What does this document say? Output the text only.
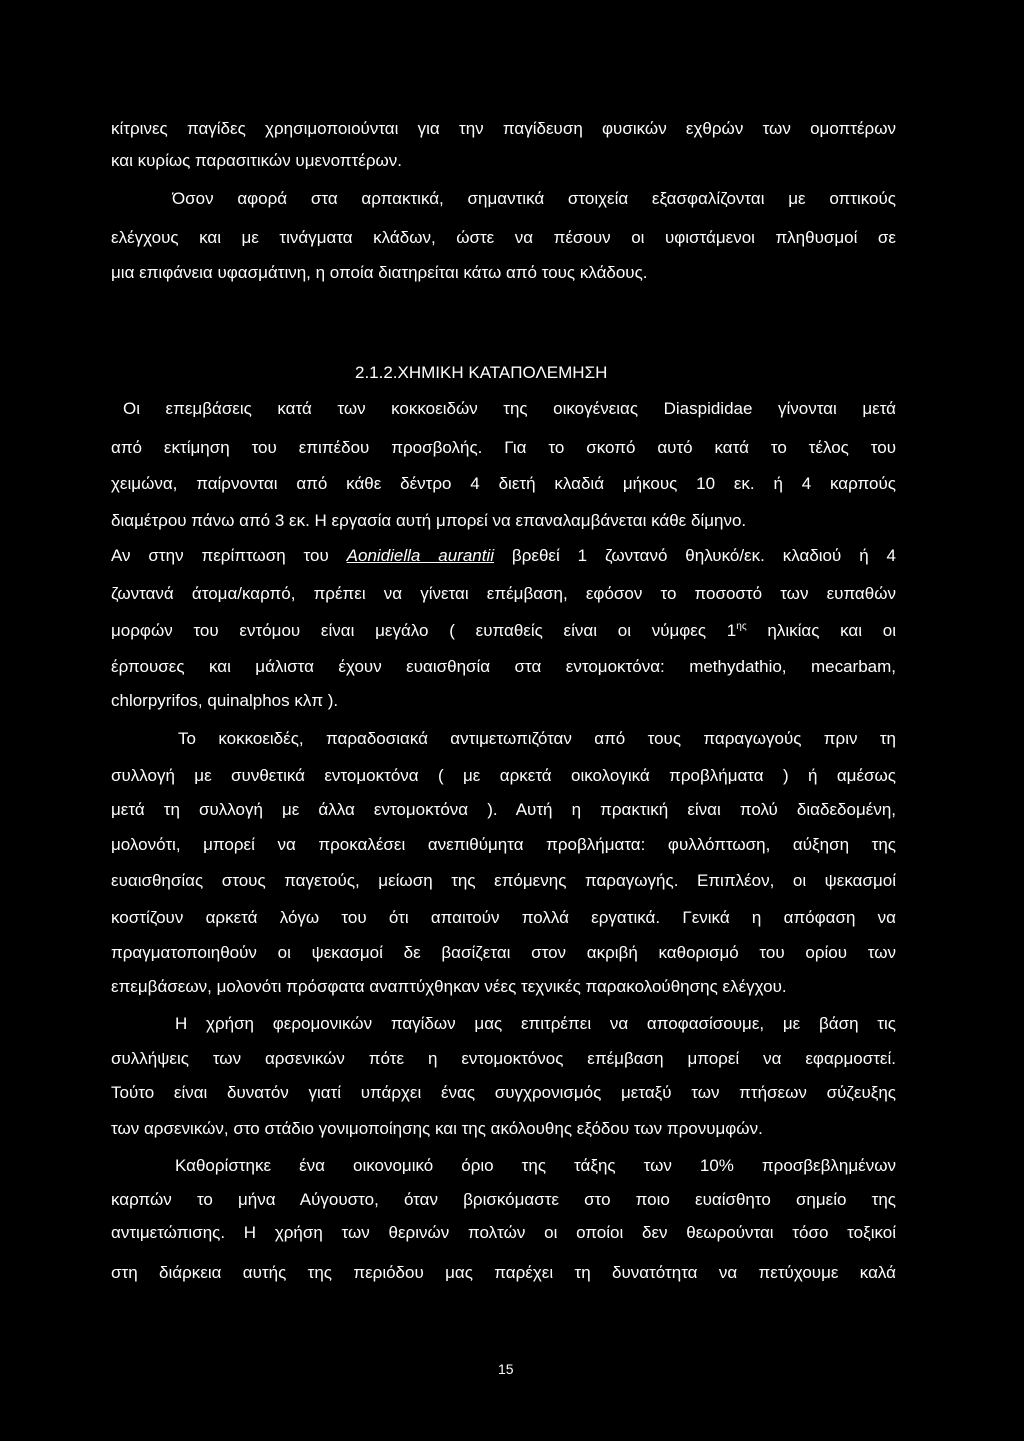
κίτρινες παγίδες χρησιμοποιούνται για την παγίδευση φυσικών εχθρών των ομοπτέρων
και κυρίως παρασιτικών υμενοπτέρων.
Όσον αφορά στα αρπακτικά, σημαντικά στοιχεία εξασφαλίζονται με οπτικούς
ελέγχους και με τινάγματα κλάδων, ώστε να πέσουν οι υφιστάμενοι πληθυσμοί σε
μια επιφάνεια υφασμάτινη, η οποία διατηρείται κάτω από τους κλάδους.
2.1.2.ΧΗΜΙΚΗ ΚΑΤΑΠΟΛΕΜΗΣΗ
Οι επεμβάσεις κατά των κοκκοειδών της οικογένειας Diaspididae γίνονται μετά
από εκτίμηση του επιπέδου προσβολής. Για το σκοπό αυτό κατά το τέλος του
χειμώνα, παίρνονται από κάθε δέντρο 4 διετή κλαδιά μήκους 10 εκ. ή 4 καρπούς
διαμέτρου πάνω από 3 εκ. Η εργασία αυτή μπορεί να επαναλαμβάνεται κάθε δίμηνο.
Αν στην περίπτωση του Aonidiella aurantii βρεθεί 1 ζωντανό θηλυκό/εκ. κλαδιού ή 4
ζωντανά άτομα/καρπό, πρέπει να γίνεται επέμβαση, εφόσον το ποσοστό των ευπαθών
μορφών του εντόμου είναι μεγάλο ( ευπαθείς είναι οι νύμφες $1^{\eta\varsigma}$ ηλικίας και οι
έρπουσες και μάλιστα έχουν ευαισθησία στα εντομοκτόνα: methydathio, mecarbam,
chlorpyrifos, quinalphos κλπ ).
Το κοκκοειδές, παραδοσιακά αντιμετωπιζόταν από τους παραγωγούς πριν τη
συλλογή με συνθετικά εντομοκτόνα ( με αρκετά οικολογικά προβλήματα ) ή αμέσως
μετά τη συλλογή με άλλα εντομοκτόνα ). Αυτή η πρακτική είναι πολύ διαδεδομένη,
μολονότι, μπορεί να προκαλέσει ανεπιθύμητα προβλήματα: φυλλόπτωση, αύξηση της
ευαισθησίας στους παγετούς, μείωση της επόμενης παραγωγής. Επιπλέον, οι ψεκασμοί
κοστίζουν αρκετά λόγω του ότι απαιτούν πολλά εργατικά. Γενικά η απόφαση να
πραγματοποιηθούν οι ψεκασμοί δε βασίζεται στον ακριβή καθορισμό του ορίου των
επεμβάσεων, μολονότι πρόσφατα αναπτύχθηκαν νέες τεχνικές παρακολούθησης ελέγχου.
Η χρήση φερομονικών παγίδων μας επιτρέπει να αποφασίσουμε, με βάση τις
συλλήψεις των αρσενικών πότε η εντομοκτόνος επέμβαση μπορεί να εφαρμοστεί.
Τούτο είναι δυνατόν γιατί υπάρχει ένας συγχρονισμός μεταξύ των πτήσεων σύζευξης
των αρσενικών, στο στάδιο γονιμοποίησης και της ακόλουθης εξόδου των προνυμφών.
Καθορίστηκε ένα οικονομικό όριο της τάξης των 10% προσβεβλημένων
καρπών το μήνα Αύγουστο, όταν βρισκόμαστε στο ποιο ευαίσθητο σημείο της
αντιμετώπισης. Η χρήση των θερινών πολτών οι οποίοι δεν θεωρούνται τόσο τοξικοί
στη διάρκεια αυτής της περιόδου μας παρέχει τη δυνατότητα να πετύχουμε καλά
15
